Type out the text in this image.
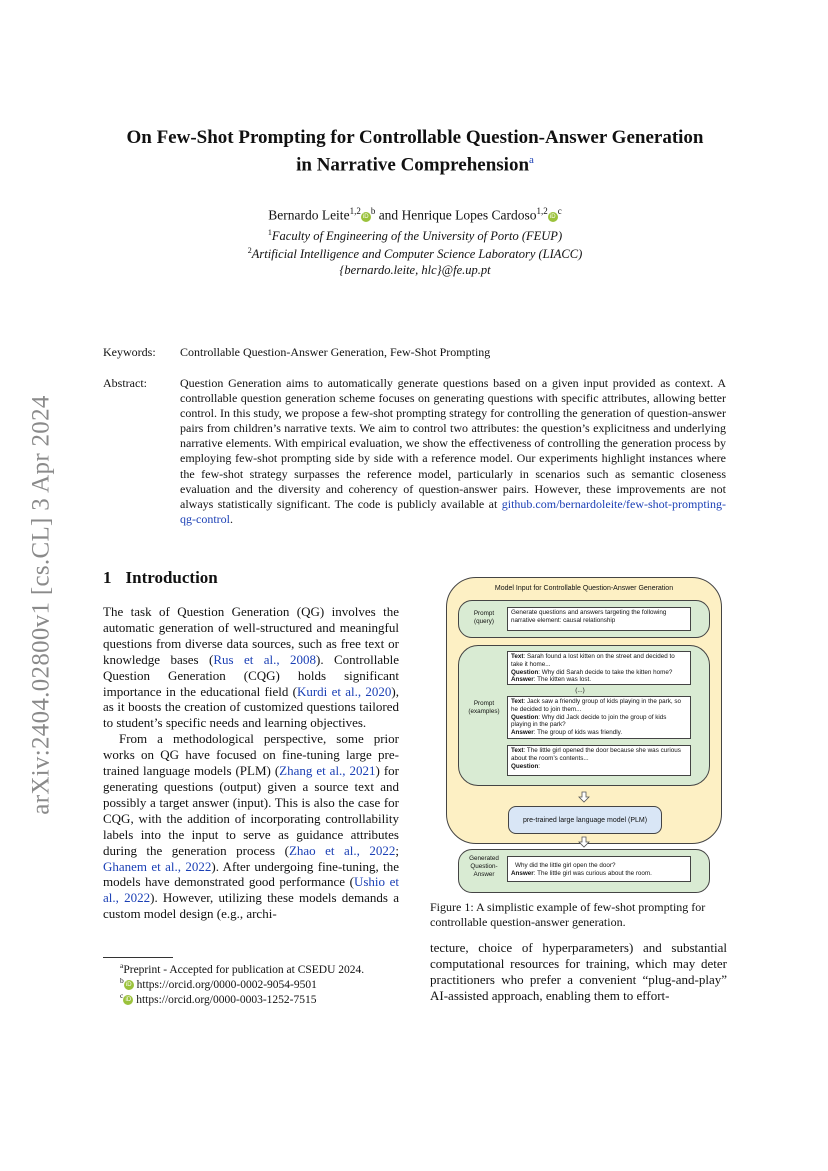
arXiv:2404.02800v1 [cs.CL] 3 Apr 2024
On Few-Shot Prompting for Controllable Question-Answer Generation
in Narrative Comprehension$^a$
Bernardo $Leite^{1,2}iD^b$ and Henrique Lopes $Cardoso^{1,2}iD^c$
$^1$Faculty of Engineering of the University of Porto (FEUP)
$^2$Artificial Intelligence and Computer Science Laboratory (LIACC)
{bernardo.leite, hlc}@fe.up.pt
Keywords: Controllable Question-Answer Generation, Few-Shot Prompting
Abstract:	Question Generation aims to automatically generate questions based on a given input provided as context. A controllable question generation scheme focuses on generating questions with specific attributes, allowing better control. In this study, we propose a few-shot prompting strategy for controlling the generation of question-answer pairs from children’s narrative texts. We aim to control two attributes: the question’s explicitness and underlying narrative elements. With empirical evaluation, we show the effectiveness of controlling the generation process by employing few-shot prompting side by side with a reference model. Our experiments highlight instances where the few-shot strategy surpasses the reference model, particularly in scenarios such as semantic closeness evaluation and the diversity and coherency of question-answer pairs. However, these improvements are not always statistically significant. The code is publicly available at github.com/bernardoleite/few-shot-prompting-qg-control.
1 Introduction

The task of Question Generation (QG) involves the automatic generation of well-structured and meaningful questions from diverse data sources, such as free text or knowledge bases (Rus et al., 2008). Controllable Question Generation (CQG) holds significant importance in the educational field (Kurdi et al., 2020), as it boosts the creation of customized questions tailored to student’s specific needs and learning objectives.

From a methodological perspective, some prior works on QG have focused on fine-tuning large pre-trained language models (PLM) (Zhang et al., 2021) for generating questions (output) given a source text and possibly a target answer (input). This is also the case for CQG, with the addition of incorporating controllability labels into the input to serve as guidance attributes during the generation process (Zhao et al., 2022; Ghanem et al., 2022). After undergoing fine-tuning, the models have demonstrated good performance (Ushio et al., 2022). However, utilizing these models demands a custom model design (e.g., archi-

$^a$Preprint - Accepted for publication at CSEDU 2024.
$^b$ iD https://orcid.org/0000-0002-9054-9501
$^c$ iD https://orcid.org/0000-0003-1252-7515
Model Input for Controllable Question-Answer Generation
Prompt
(query)
Generate questions and answers targeting the following narrative element: causal relationship
Prompt
(examples)
Text: Sarah found a lost kitten on the street and decided to take it home...
Question: Why did Sarah decide to take the kitten home?
Answer: The kitten was lost.
(...)
Text: Jack saw a friendly group of kids playing in the park, so he decided to join them...
Question: Why did Jack decide to join the group of kids playing in the park?
Answer: The group of kids was friendly.
Text: The little girl opened the door because she was curious about the room’s contents...
Question:
pre-trained large language model (PLM)
Generated
Question-
Answer
Why did the little girl open the door?
Answer: The little girl was curious about the room.
Figure 1: A simplistic example of few-shot prompting for controllable question-answer generation.

tecture, choice of hyperparameters) and substantial computational resources for training, which may deter practitioners who prefer a convenient “plug-and-play” AI-assisted approach, enabling them to effort-
